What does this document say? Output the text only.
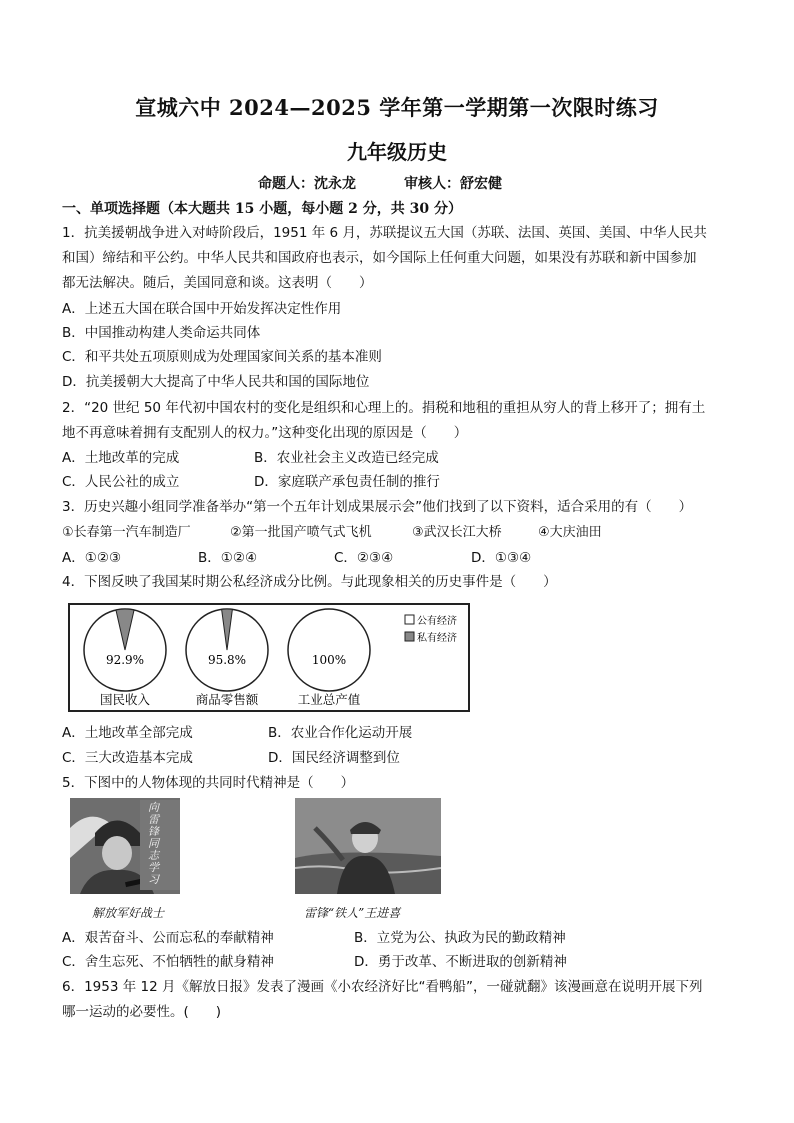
宣城六中 2024—2025 学年第一学期第一次限时练习
九年级历史
命题人：沈永龙	审核人：舒宏健
一、单项选择题（本大题共 15 小题，每小题 2 分，共 30 分）
1．抗美援朝战争进入对峙阶段后，1951 年 6 月，苏联提议五大国（苏联、法国、英国、美国、中华人民共
和国）缔结和平公约。中华人民共和国政府也表示，如今国际上任何重大问题，如果没有苏联和新中国参加
都无法解决。随后，美国同意和谈。这表明（　　）
A．上述五大国在联合国中开始发挥决定性作用
B．中国推动构建人类命运共同体
C．和平共处五项原则成为处理国家间关系的基本准则
D．抗美援朝大大提高了中华人民共和国的国际地位
2．“20 世纪 50 年代初中国农村的变化是组织和心理上的。捐税和地租的重担从穷人的背上移开了；拥有土
地不再意味着拥有支配别人的权力。”这种变化出现的原因是（　　）
A．土地改革的完成	B．农业社会主义改造已经完成
C．人民公社的成立	D．家庭联产承包责任制的推行
3．历史兴趣小组同学准备举办“第一个五年计划成果展示会”他们找到了以下资料，适合采用的有（　　）
①长春第一汽车制造厂	②第一批国产喷气式飞机	③武汉长江大桥	④大庆油田
A．①②③	B．①②④	C．②③④	D．①③④
4．下图反映了我国某时期公私经济成分比例。与此现象相关的历史事件是（　　）
92.9%
国民收入
95.8%
商品零售额
100%
工业总产值
公有经济
私有经济
A．土地改革全部完成	B．农业合作化运动开展
C．三大改造基本完成	D．国民经济调整到位
5．下图中的人物体现的共同时代精神是（　　）
向雷锋同志学习
解放军好战士	雷锋“铁人”王进喜
A．艰苦奋斗、公而忘私的奉献精神	B．立党为公、执政为民的勤政精神
C．舍生忘死、不怕牺牲的献身精神	D．勇于改革、不断进取的创新精神
6．1953 年 12 月《解放日报》发表了漫画《小农经济好比“看鸭船”，一碰就翻》该漫画意在说明开展下列
哪一运动的必要性。(　　)
